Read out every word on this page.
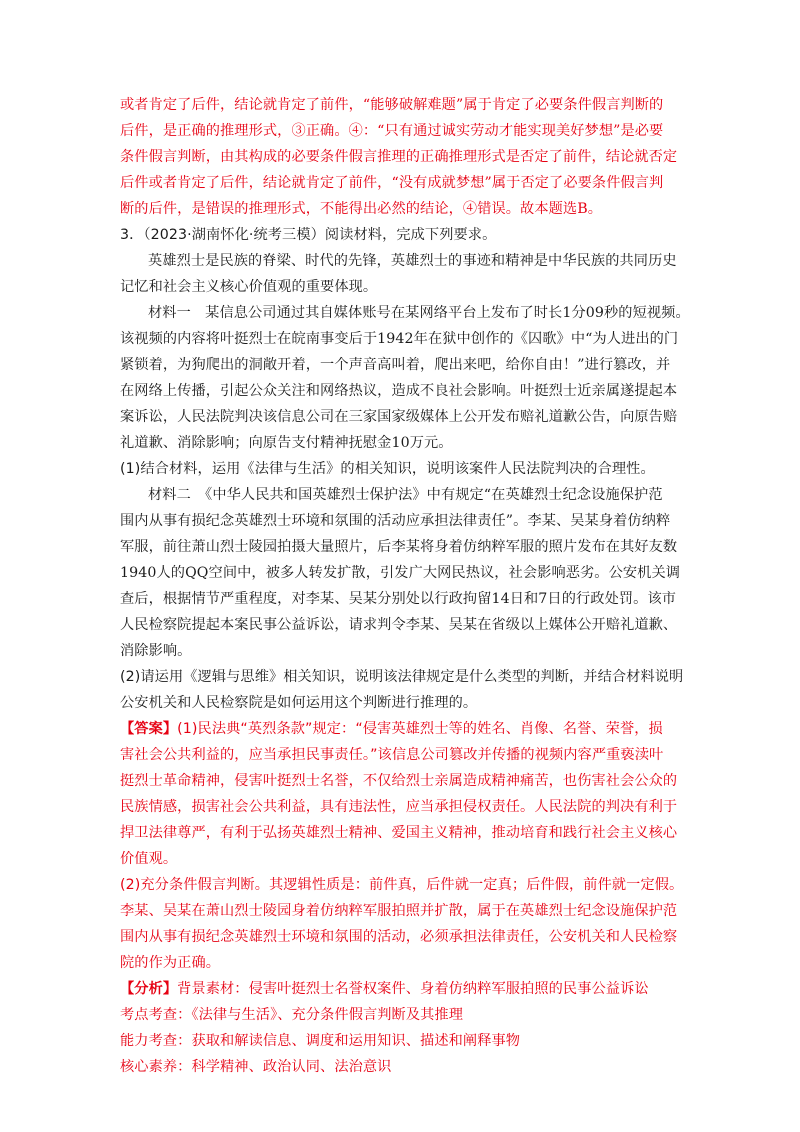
或者肯定了后件，结论就肯定了前件，“能够破解难题”属于肯定了必要条件假言判断的
后件，是正确的推理形式，③正确。④：“只有通过诚实劳动才能实现美好梦想”是必要
条件假言判断，由其构成的必要条件假言推理的正确推理形式是否定了前件，结论就否定
后件或者肯定了后件，结论就肯定了前件，“没有成就梦想”属于否定了必要条件假言判
断的后件，是错误的推理形式，不能得出必然的结论，④错误。故本题选B。
3．（2023·湖南怀化·统考三模）阅读材料，完成下列要求。
英雄烈士是民族的脊梁、时代的先锋，英雄烈士的事迹和精神是中华民族的共同历史
记忆和社会主义核心价值观的重要体现。
材料一　某信息公司通过其自媒体账号在某网络平台上发布了时长1分09秒的短视频。
该视频的内容将叶挺烈士在皖南事变后于1942年在狱中创作的《囚歌》中“为人进出的门
紧锁着，为狗爬出的洞敞开着，一个声音高叫着，爬出来吧，给你自由！”进行篡改，并
在网络上传播，引起公众关注和网络热议，造成不良社会影响。叶挺烈士近亲属遂提起本
案诉讼，人民法院判决该信息公司在三家国家级媒体上公开发布赔礼道歉公告，向原告赔
礼道歉、消除影响；向原告支付精神抚慰金10万元。
(1)结合材料，运用《法律与生活》的相关知识，说明该案件人民法院判决的合理性。
材料二　《中华人民共和国英雄烈士保护法》中有规定“在英雄烈士纪念设施保护范
围内从事有损纪念英雄烈士环境和氛围的活动应承担法律责任”。李某、吴某身着仿纳粹
军服，前往萧山烈士陵园拍摄大量照片，后李某将身着仿纳粹军服的照片发布在其好友数
1940人的QQ空间中，被多人转发扩散，引发广大网民热议，社会影响恶劣。公安机关调
查后，根据情节严重程度，对李某、吴某分别处以行政拘留14日和7日的行政处罚。该市
人民检察院提起本案民事公益诉讼，请求判令李某、吴某在省级以上媒体公开赔礼道歉、
消除影响。
(2)请运用《逻辑与思维》相关知识，说明该法律规定是什么类型的判断，并结合材料说明
公安机关和人民检察院是如何运用这个判断进行推理的。
【答案】(1)民法典“英烈条款”规定：“侵害英雄烈士等的姓名、肖像、名誉、荣誉，损
害社会公共利益的，应当承担民事责任。”该信息公司篡改并传播的视频内容严重亵渎叶
挺烈士革命精神，侵害叶挺烈士名誉，不仅给烈士亲属造成精神痛苦，也伤害社会公众的
民族情感，损害社会公共利益，具有违法性，应当承担侵权责任。人民法院的判决有利于
捍卫法律尊严，有利于弘扬英雄烈士精神、爱国主义精神，推动培育和践行社会主义核心
价值观。
(2)充分条件假言判断。其逻辑性质是：前件真，后件就一定真；后件假，前件就一定假。
李某、吴某在萧山烈士陵园身着仿纳粹军服拍照并扩散，属于在英雄烈士纪念设施保护范
围内从事有损纪念英雄烈士环境和氛围的活动，必须承担法律责任，公安机关和人民检察
院的作为正确。
【分析】背景素材：侵害叶挺烈士名誉权案件、身着仿纳粹军服拍照的民事公益诉讼
考点考查：《法律与生活》、充分条件假言判断及其推理
能力考查：获取和解读信息、调度和运用知识、描述和阐释事物
核心素养：科学精神、政治认同、法治意识
